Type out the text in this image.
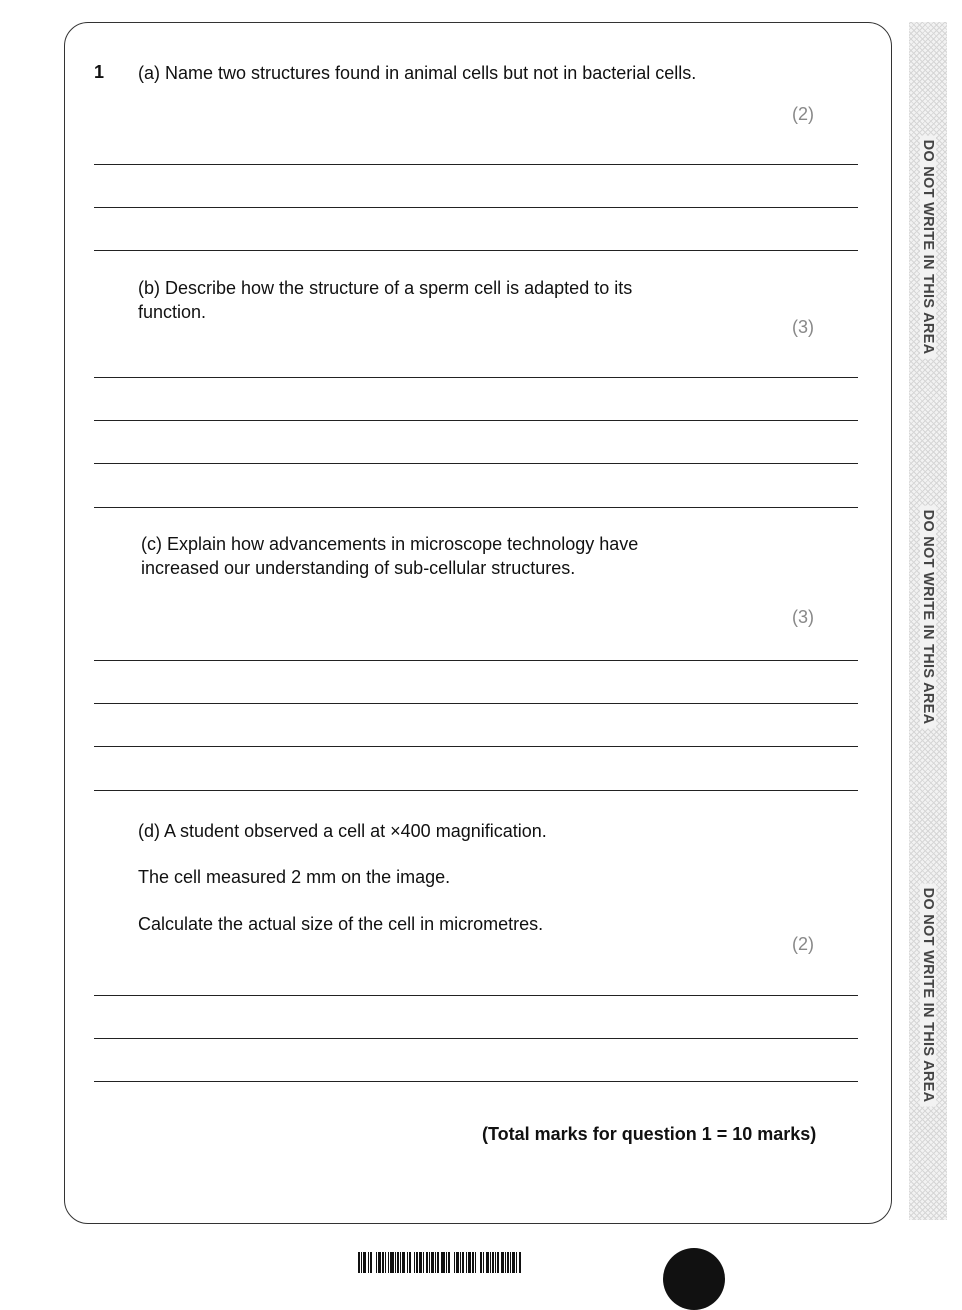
1 (a) Name two structures found in animal cells but not in bacterial cells.
(2)
(b) Describe how the structure of a sperm cell is adapted to its
function.
(3)
(c) Explain how advancements in microscope technology have
increased our understanding of sub-cellular structures.
(3)
(d) A student observed a cell at ×400 magnification.
The cell measured 2 mm on the image.
Calculate the actual size of the cell in micrometres.
(2)
(Total marks for question 1 = 10 marks)
DO NOT WRITE IN THIS AREA
DO NOT WRITE IN THIS AREA
DO NOT WRITE IN THIS AREA
